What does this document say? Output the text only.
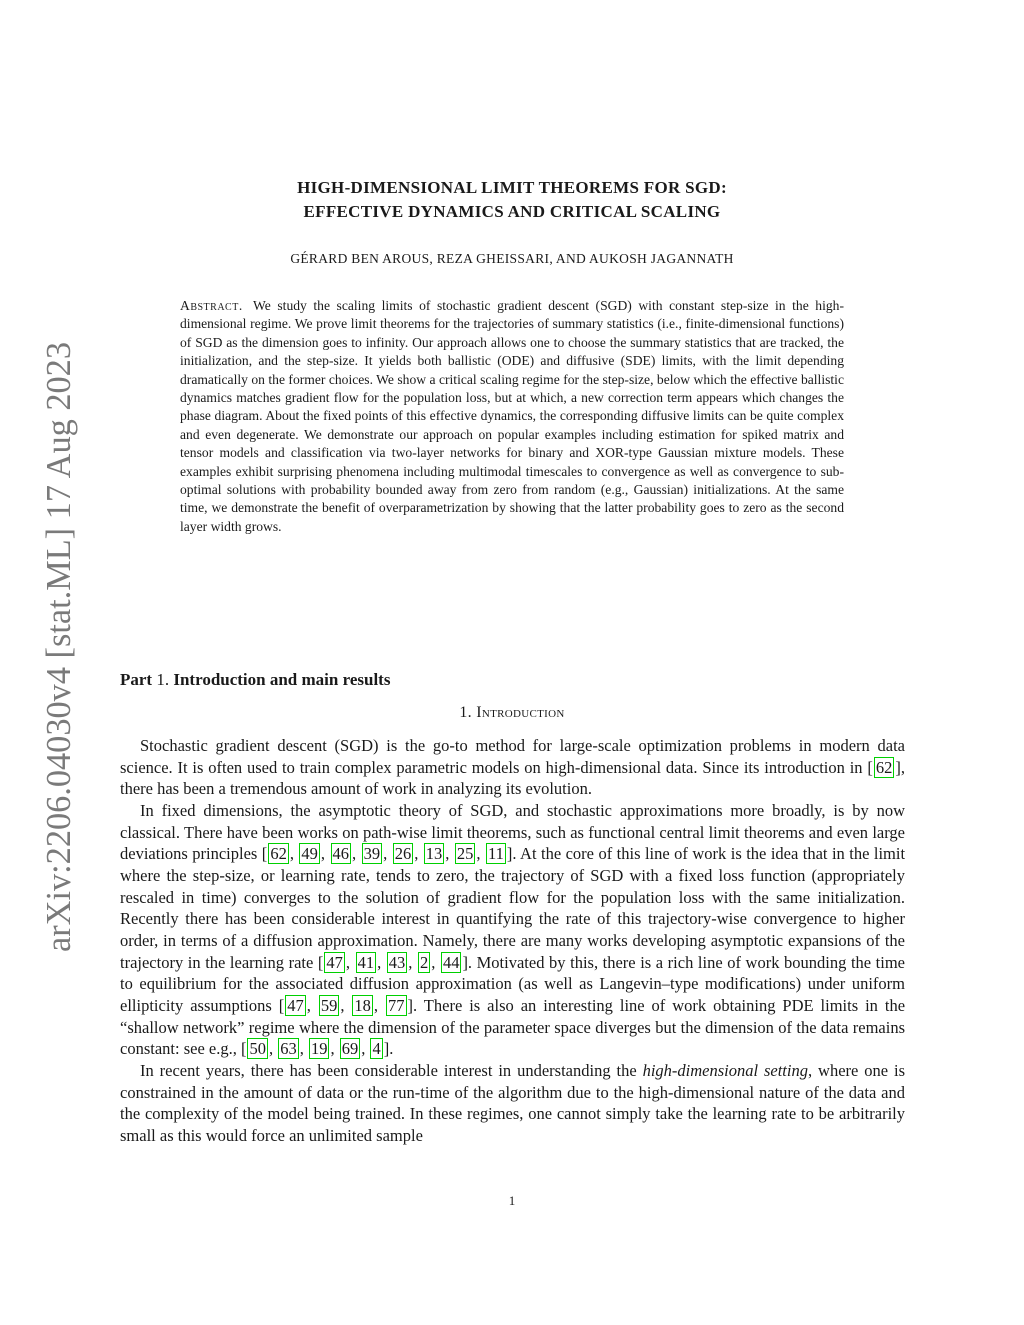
arXiv:2206.04030v4 [stat.ML] 17 Aug 2023
HIGH-DIMENSIONAL LIMIT THEOREMS FOR SGD:
EFFECTIVE DYNAMICS AND CRITICAL SCALING
GÉRARD BEN AROUS, REZA GHEISSARI, AND AUKOSH JAGANNATH
Abstract. We study the scaling limits of stochastic gradient descent (SGD) with constant step-size in the high-dimensional regime. We prove limit theorems for the trajectories of summary statistics (i.e., finite-dimensional functions) of SGD as the dimension goes to infinity. Our approach allows one to choose the summary statistics that are tracked, the initialization, and the step-size. It yields both ballistic (ODE) and diffusive (SDE) limits, with the limit depending dramatically on the former choices. We show a critical scaling regime for the step-size, below which the effective ballistic dynamics matches gradient flow for the population loss, but at which, a new correction term appears which changes the phase diagram. About the fixed points of this effective dynamics, the corresponding diffusive limits can be quite complex and even degenerate. We demonstrate our approach on popular examples including estimation for spiked matrix and tensor models and classification via two-layer networks for binary and XOR-type Gaussian mixture models. These examples exhibit surprising phenomena including multimodal timescales to convergence as well as convergence to sub-optimal solutions with probability bounded away from zero from random (e.g., Gaussian) initializations. At the same time, we demonstrate the benefit of overparametrization by showing that the latter probability goes to zero as the second layer width grows.
Part 1. Introduction and main results
1. Introduction

Stochastic gradient descent (SGD) is the go-to method for large-scale optimization problems in modern data science. It is often used to train complex parametric models on high-dimensional data. Since its introduction in [ 62 ], there has been a tremendous amount of work in analyzing its evolution.

In fixed dimensions, the asymptotic theory of SGD, and stochastic approximations more broadly, is by now classical. There have been works on path-wise limit theorems, such as functional central limit theorems and even large deviations principles [ 62 , 49 , 46 , 39 , 26 , 13 , 25 , 11 ]. At the core of this line of work is the idea that in the limit where the step-size, or learning rate, tends to zero, the trajectory of SGD with a fixed loss function (appropriately rescaled in time) converges to the solution of gradient flow for the population loss with the same initialization. Recently there has been considerable interest in quantifying the rate of this trajectory-wise convergence to higher order, in terms of a diffusion approximation. Namely, there are many works developing asymptotic expansions of the trajectory in the learning rate [ 47 , 41 , 43 , 2 , 44 ]. Motivated by this, there is a rich line of work bounding the time to equilibrium for the associated diffusion approximation (as well as Langevin–type modifications) under uniform ellipticity assumptions [ 47 , 59 , 18 , 77 ]. There is also an interesting line of work obtaining PDE limits in the “shallow network” regime where the dimension of the parameter space diverges but the dimension of the data remains constant: see e.g., [ 50 , 63 , 19 , 69 , 4 ].

In recent years, there has been considerable interest in understanding the high-dimensional setting, where one is constrained in the amount of data or the run-time of the algorithm due to the high-dimensional nature of the data and the complexity of the model being trained. In these regimes, one cannot simply take the learning rate to be arbitrarily small as this would force an unlimited sample

1
